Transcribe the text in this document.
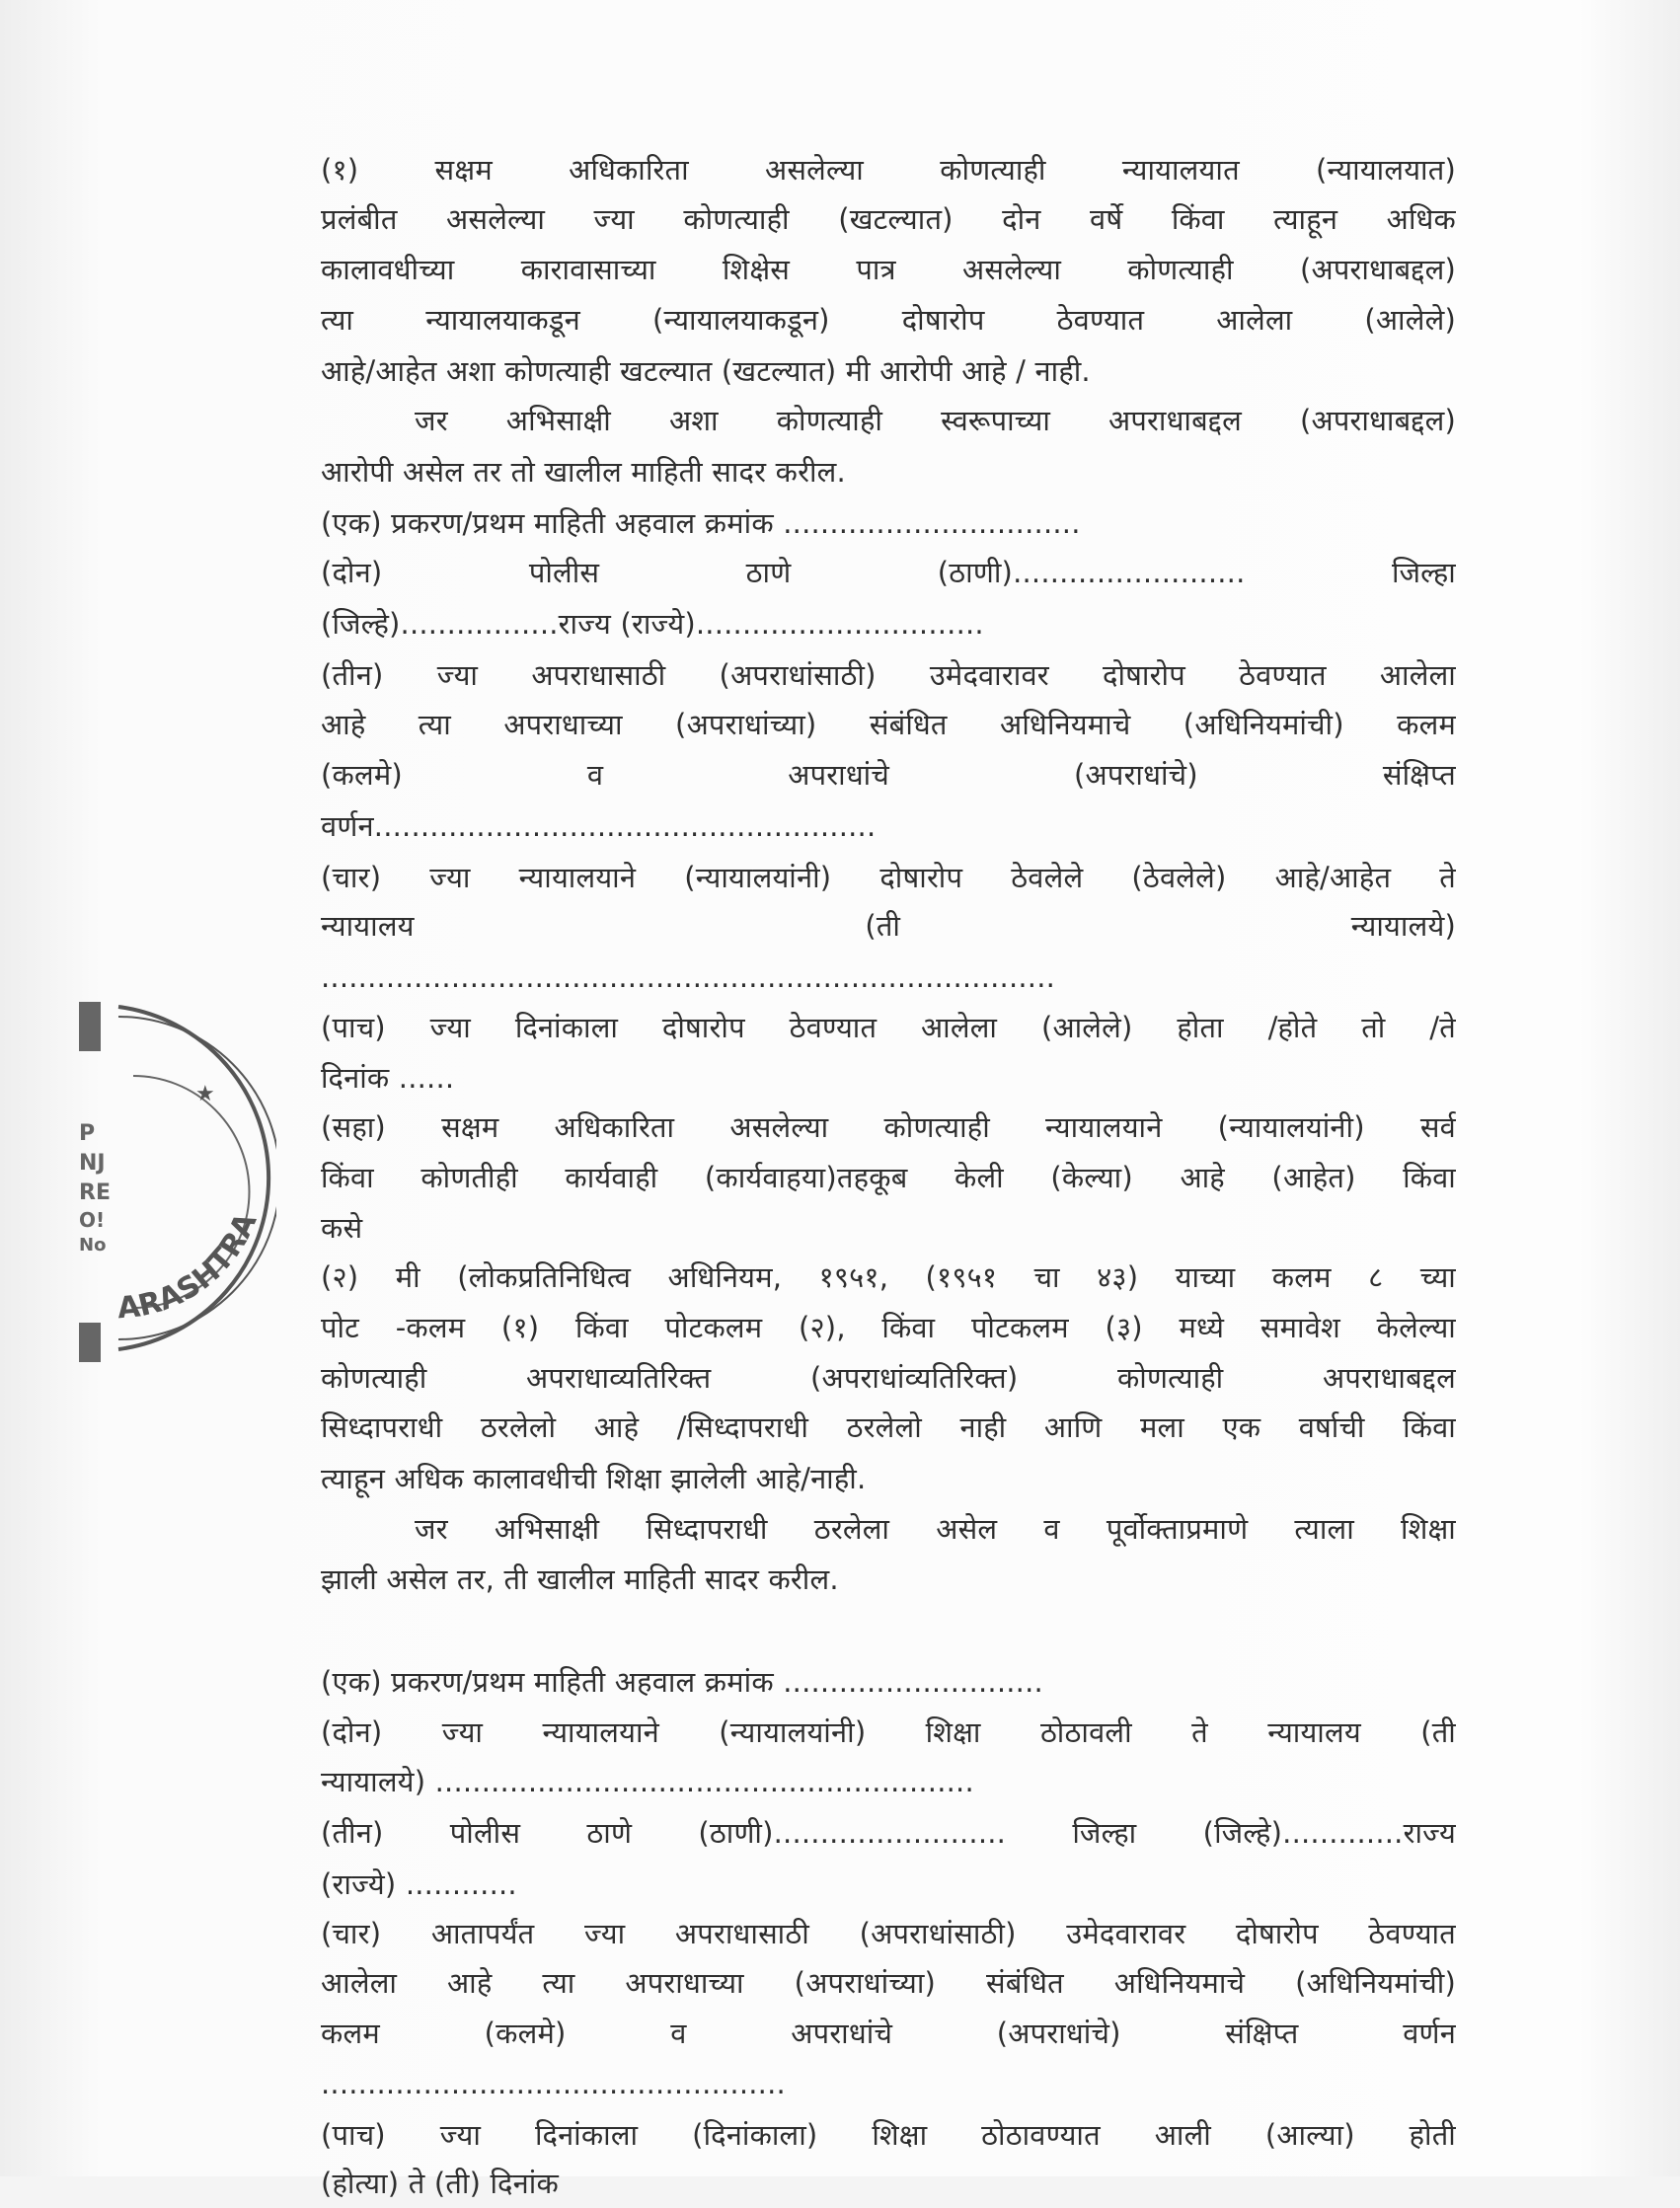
(१) सक्षम अधिकारिता असलेल्या कोणत्याही न्यायालयात (न्यायालयात)
प्रलंबीत असलेल्या ज्या कोणत्याही (खटल्यात) दोन वर्षे किंवा त्याहून अधिक
कालावधीच्या कारावासाच्या शिक्षेस पात्र असलेल्या कोणत्याही (अपराधाबद्दल)
त्या न्यायालयाकडून (न्यायालयाकडून) दोषारोप ठेवण्यात आलेला (आलेले)
आहे/आहेत अशा कोणत्याही खटल्यात (खटल्यात) मी आरोपी आहे / नाही.
जर अभिसाक्षी अशा कोणत्याही स्वरूपाच्या अपराधाबद्दल (अपराधाबद्दल)
आरोपी असेल तर तो खालील माहिती सादर करील.
(एक) प्रकरण/प्रथम माहिती अहवाल क्रमांक ................................
(दोन) पोलीस ठाणे (ठाणी)......................... जिल्हा
(जिल्हे).................राज्य (राज्ये)...............................
(तीन) ज्या अपराधासाठी (अपराधांसाठी) उमेदवारावर दोषारोप ठेवण्यात आलेला
आहे त्या अपराधाच्या (अपराधांच्या) संबंधित अधिनियमाचे (अधिनियमांची) कलम
(कलमे) व अपराधांचे (अपराधांचे) संक्षिप्त
वर्णन......................................................
(चार) ज्या न्यायालयाने (न्यायालयांनी) दोषारोप ठेवलेले (ठेवलेले) आहे/आहेत ते
न्यायालय (ती न्यायालये)
...............................................................................
(पाच) ज्या दिनांकाला दोषारोप ठेवण्यात आलेला (आलेले) होता /होते तो /ते
दिनांक ......
(सहा) सक्षम अधिकारिता असलेल्या कोणत्याही न्यायालयाने (न्यायालयांनी) सर्व
किंवा कोणतीही कार्यवाही (कार्यवाहया)तहकूब केली (केल्या) आहे (आहेत) किंवा
कसे
(२) मी (लोकप्रतिनिधित्व अधिनियम, १९५१, (१९५१ चा ४३) याच्या कलम ८ च्या
पोट -कलम (१) किंवा पोटकलम (२), किंवा पोटकलम (३) मध्ये समावेश केलेल्या
कोणत्याही अपराधाव्यतिरिक्त (अपराधांव्यतिरिक्त) कोणत्याही अपराधाबद्दल
सिध्दापराधी ठरलेलो आहे /सिध्दापराधी ठरलेलो नाही आणि मला एक वर्षाची किंवा
त्याहून अधिक कालावधीची शिक्षा झालेली आहे/नाही.
जर अभिसाक्षी सिध्दापराधी ठरलेला असेल व पूर्वोक्ताप्रमाणे त्याला शिक्षा
झाली असेल तर, ती खालील माहिती सादर करील.
(एक) प्रकरण/प्रथम माहिती अहवाल क्रमांक ............................
(दोन) ज्या न्यायालयाने (न्यायालयांनी) शिक्षा ठोठावली ते न्यायालय (ती
न्यायालये) ..........................................................
(तीन) पोलीस ठाणे (ठाणी)......................... जिल्हा (जिल्हे).............राज्य
(राज्ये) ............
(चार) आतापर्यंत ज्या अपराधासाठी (अपराधांसाठी) उमेदवारावर दोषारोप ठेवण्यात
आलेला आहे त्या अपराधाच्या (अपराधांच्या) संबंधित अधिनियमाचे (अधिनियमांची)
कलम (कलमे) व अपराधांचे (अपराधांचे) संक्षिप्त वर्णन
..................................................
(पाच) ज्या दिनांकाला (दिनांकाला) शिक्षा ठोठावण्यात आली (आल्या) होती
(होत्या) ते (ती) दिनांक
ARASHTRA
★
P
NJ
RE
O!
No
